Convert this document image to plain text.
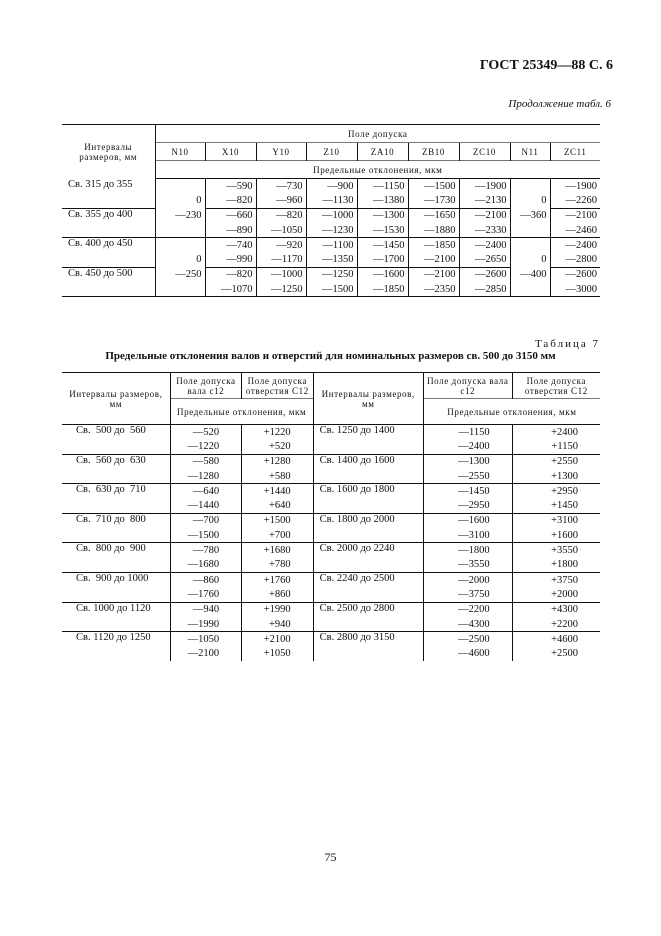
ГОСТ 25349—88 С. 6
Продолжение табл. 6
Интервалы размеров, мм	Поле допуска								
	N10	X10	Y10	Z10	ZA10	ZB10	ZC10	N11	ZC11
	Предельные отклонения, мкм								
Св. 315 до 355		—590	—730	—900	—1150	—1500	—1900		—1900
	0	—820	—960	—1130	—1380	—1730	—2130	0	—2260
Св. 355 до 400	—230	—660	—820	—1000	—1300	—1650	—2100	—360	—2100
		—890	—1050	—1230	—1530	—1880	—2330		—2460
Св. 400 до 450		—740	—920	—1100	—1450	—1850	—2400		—2400
	0	—990	—1170	—1350	—1700	—2100	—2650	0	—2800
Св. 450 до 500	—250	—820	—1000	—1250	—1600	—2100	—2600	—400	—2600
		—1070	—1250	—1500	—1850	—2350	—2850		—3000
Таблица 7
Предельные отклонения валов и отверстий для номинальных размеров св. 500 до 3150 мм
Интервалы размеров, мм	Поле допуска вала c12	Поле допуска отверстия С12	Интервалы размеров, мм	Поле допуска вала c12	Поле допуска отверстия С12
	Предельные отклонения, мкм			Предельные отклонения, мкм	
Св.  500 до  560	—520	+1220	Св. 1250 до 1400	—1150	+2400
	—1220	+520		—2400	+1150
Св.  560 до  630	—580	+1280	Св. 1400 до 1600	—1300	+2550
	—1280	+580		—2550	+1300
Св.  630 до  710	—640	+1440	Св. 1600 до 1800	—1450	+2950
	—1440	+640		—2950	+1450
Св.  710 до  800	—700	+1500	Св. 1800 до 2000	—1600	+3100
	—1500	+700		—3100	+1600
Св.  800 до  900	—780	+1680	Св. 2000 до 2240	—1800	+3550
	—1680	+780		—3550	+1800
Св.  900 до 1000	—860	+1760	Св. 2240 до 2500	—2000	+3750
	—1760	+860		—3750	+2000
Св. 1000 до 1120	—940	+1990	Св. 2500 до 2800	—2200	+4300
	—1990	+940		—4300	+2200
Св. 1120 до 1250	—1050	+2100	Св. 2800 до 3150	—2500	+4600
	—2100	+1050		—4600	+2500
75
